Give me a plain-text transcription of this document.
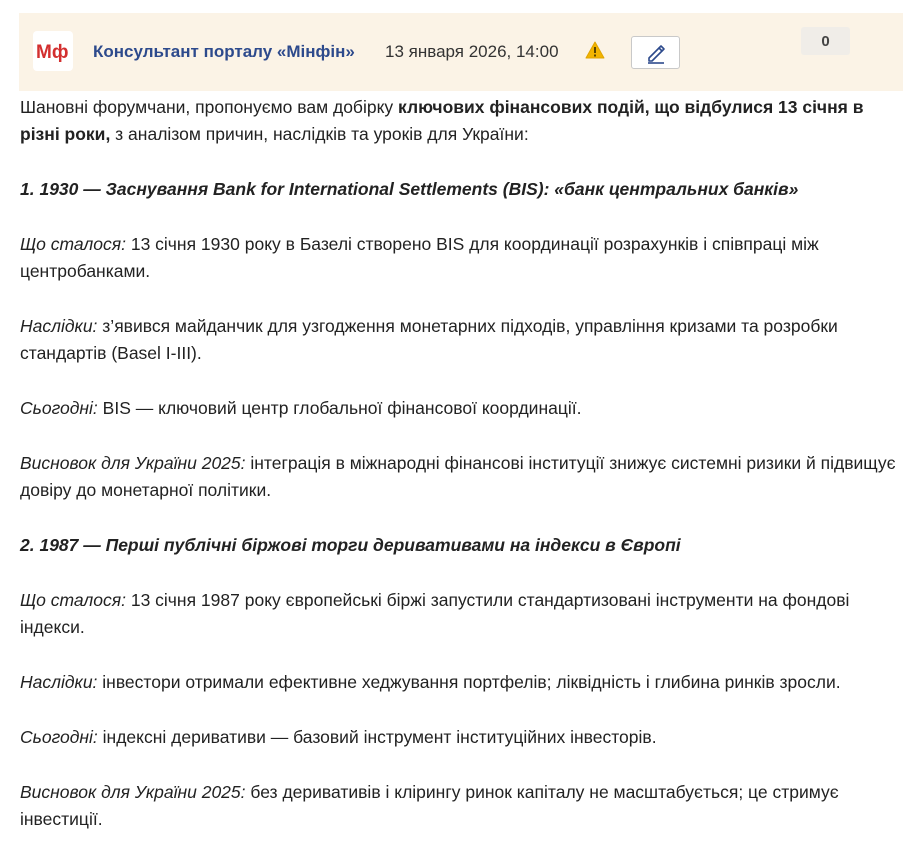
Мф Консультант порталу «Мінфін» 13 января 2026, 14:00
0

Шановні форумчани, пропонуємо вам добірку ключових фінансових подій, що відбулися 13 січня в різні роки, з аналізом причин, наслідків та уроків для України:

1. 1930 — Заснування Bank for International Settlements (BIS): «банк центральних банків»

Що сталося: 13 січня 1930 року в Базелі створено BIS для координації розрахунків і співпраці між центробанками.

Наслідки: з’явився майданчик для узгодження монетарних підходів, управління кризами та розробки стандартів (Basel I-III).

Сьогодні: BIS — ключовий центр глобальної фінансової координації.

Висновок для України 2025: інтеграція в міжнародні фінансові інституції знижує системні ризики й підвищує довіру до монетарної політики.

2. 1987 — Перші публічні біржові торги деривативами на індекси в Європі

Що сталося: 13 січня 1987 року європейські біржі запустили стандартизовані інструменти на фондові індекси.

Наслідки: інвестори отримали ефективне хеджування портфелів; ліквідність і глибина ринків зросли.

Сьогодні: індексні деривативи — базовий інструмент інституційних інвесторів.

Висновок для України 2025: без деривативів і клірингу ринок капіталу не масштабується; це стримує інвестиції.
